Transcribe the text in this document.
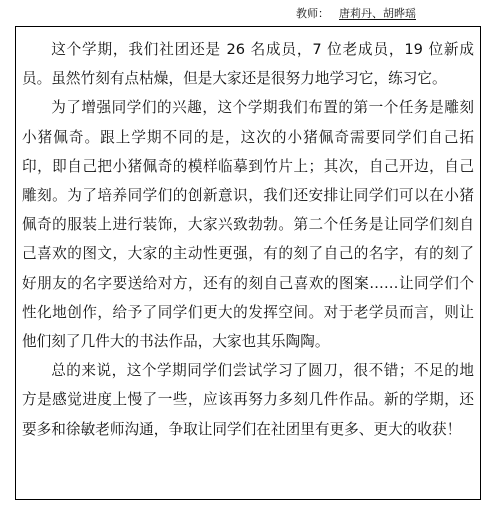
教师： 唐莉丹、胡晔瑶

这个学期，我们社团还是 26 名成员，7 位老成员，19 位新成员。虽然竹刻有点枯燥，但是大家还是很努力地学习它，练习它。

为了增强同学们的兴趣，这个学期我们布置的第一个任务是雕刻小猪佩奇。跟上学期不同的是，这次的小猪佩奇需要同学们自己拓印，即自己把小猪佩奇的模样临摹到竹片上；其次，自己开边，自己雕刻。为了培养同学们的创新意识，我们还安排让同学们可以在小猪佩奇的服装上进行装饰，大家兴致勃勃。第二个任务是让同学们刻自己喜欢的图文，大家的主动性更强，有的刻了自己的名字，有的刻了好朋友的名字要送给对方，还有的刻自己喜欢的图案……让同学们个性化地创作，给予了同学们更大的发挥空间。对于老学员而言，则让他们刻了几件大的书法作品，大家也其乐陶陶。

总的来说，这个学期同学们尝试学习了圆刀，很不错；不足的地方是感觉进度上慢了一些，应该再努力多刻几件作品。新的学期，还要多和徐敏老师沟通，争取让同学们在社团里有更多、更大的收获！
